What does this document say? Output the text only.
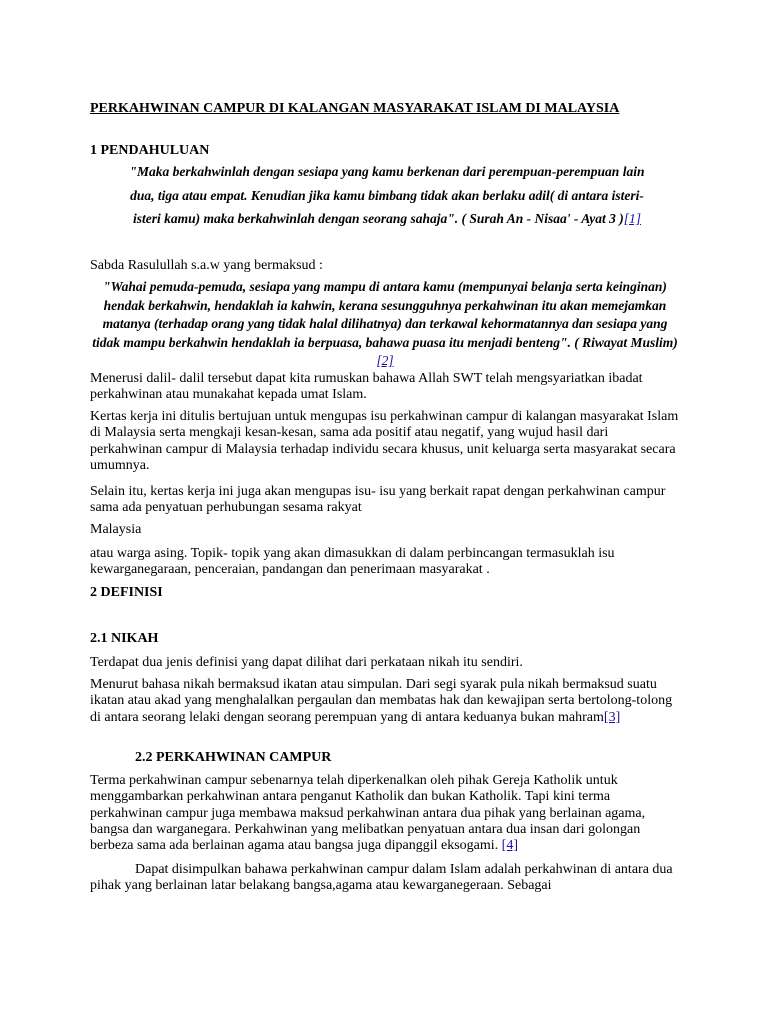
PERKAHWINAN CAMPUR DI KALANGAN MASYARAKAT ISLAM DI MALAYSIA

1 PENDAHULUAN

"Maka berkahwinlah dengan sesiapa yang kamu berkenan dari perempuan-perempuan lain dua, tiga atau empat. Kenudian jika kamu bimbang tidak akan berlaku adil( di antara isteri-isteri kamu) maka berkahwinlah dengan seorang sahaja". ( Surah An - Nisaa' - Ayat 3 )[1]

Sabda Rasulullah s.a.w yang bermaksud :

"Wahai pemuda-pemuda, sesiapa yang mampu di antara kamu (mempunyai belanja serta keinginan) hendak berkahwin, hendaklah ia kahwin, kerana sesungguhnya perkahwinan itu akan memejamkan matanya (terhadap orang yang tidak halal dilihatnya) dan terkawal kehormatannya dan sesiapa yang tidak mampu berkahwin hendaklah ia berpuasa, bahawa puasa itu menjadi benteng". ( Riwayat Muslim)[2]

Menerusi dalil- dalil tersebut dapat kita rumuskan bahawa Allah SWT telah mengsyariatkan ibadat perkahwinan atau munakahat kepada umat Islam.

Kertas kerja ini ditulis bertujuan untuk mengupas isu perkahwinan campur di kalangan masyarakat Islam di Malaysia serta mengkaji kesan-kesan, sama ada positif atau negatif, yang wujud hasil dari perkahwinan campur di Malaysia terhadap individu secara khusus, unit keluarga serta masyarakat secara umumnya.

Selain itu, kertas kerja ini juga akan mengupas isu- isu yang berkait rapat dengan perkahwinan campur sama ada penyatuan perhubungan sesama rakyat

Malaysia

atau warga asing. Topik- topik yang akan dimasukkan di dalam perbincangan termasuklah isu kewarganegaraan, penceraian, pandangan dan penerimaan masyarakat .

2 DEFINISI

2.1 NIKAH

Terdapat dua jenis definisi yang dapat dilihat dari perkataan nikah itu sendiri.

Menurut bahasa nikah bermaksud ikatan atau simpulan. Dari segi syarak pula nikah bermaksud suatu ikatan atau akad yang menghalalkan pergaulan dan membatas hak dan kewajipan serta bertolong-tolong di antara seorang lelaki dengan seorang perempuan yang di antara keduanya bukan mahram[3]

2.2 PERKAHWINAN CAMPUR

Terma perkahwinan campur sebenarnya telah diperkenalkan oleh pihak Gereja Katholik untuk menggambarkan perkahwinan antara penganut Katholik dan bukan Katholik. Tapi kini terma perkahwinan campur juga membawa maksud perkahwinan antara dua pihak yang berlainan agama, bangsa dan warganegara. Perkahwinan yang melibatkan penyatuan antara dua insan dari golongan berbeza sama ada berlainan agama atau bangsa juga dipanggil eksogami. [4]

Dapat disimpulkan bahawa perkahwinan campur dalam Islam adalah perkahwinan di antara dua pihak yang berlainan latar belakang bangsa,agama atau kewarganegeraan. Sebagai
